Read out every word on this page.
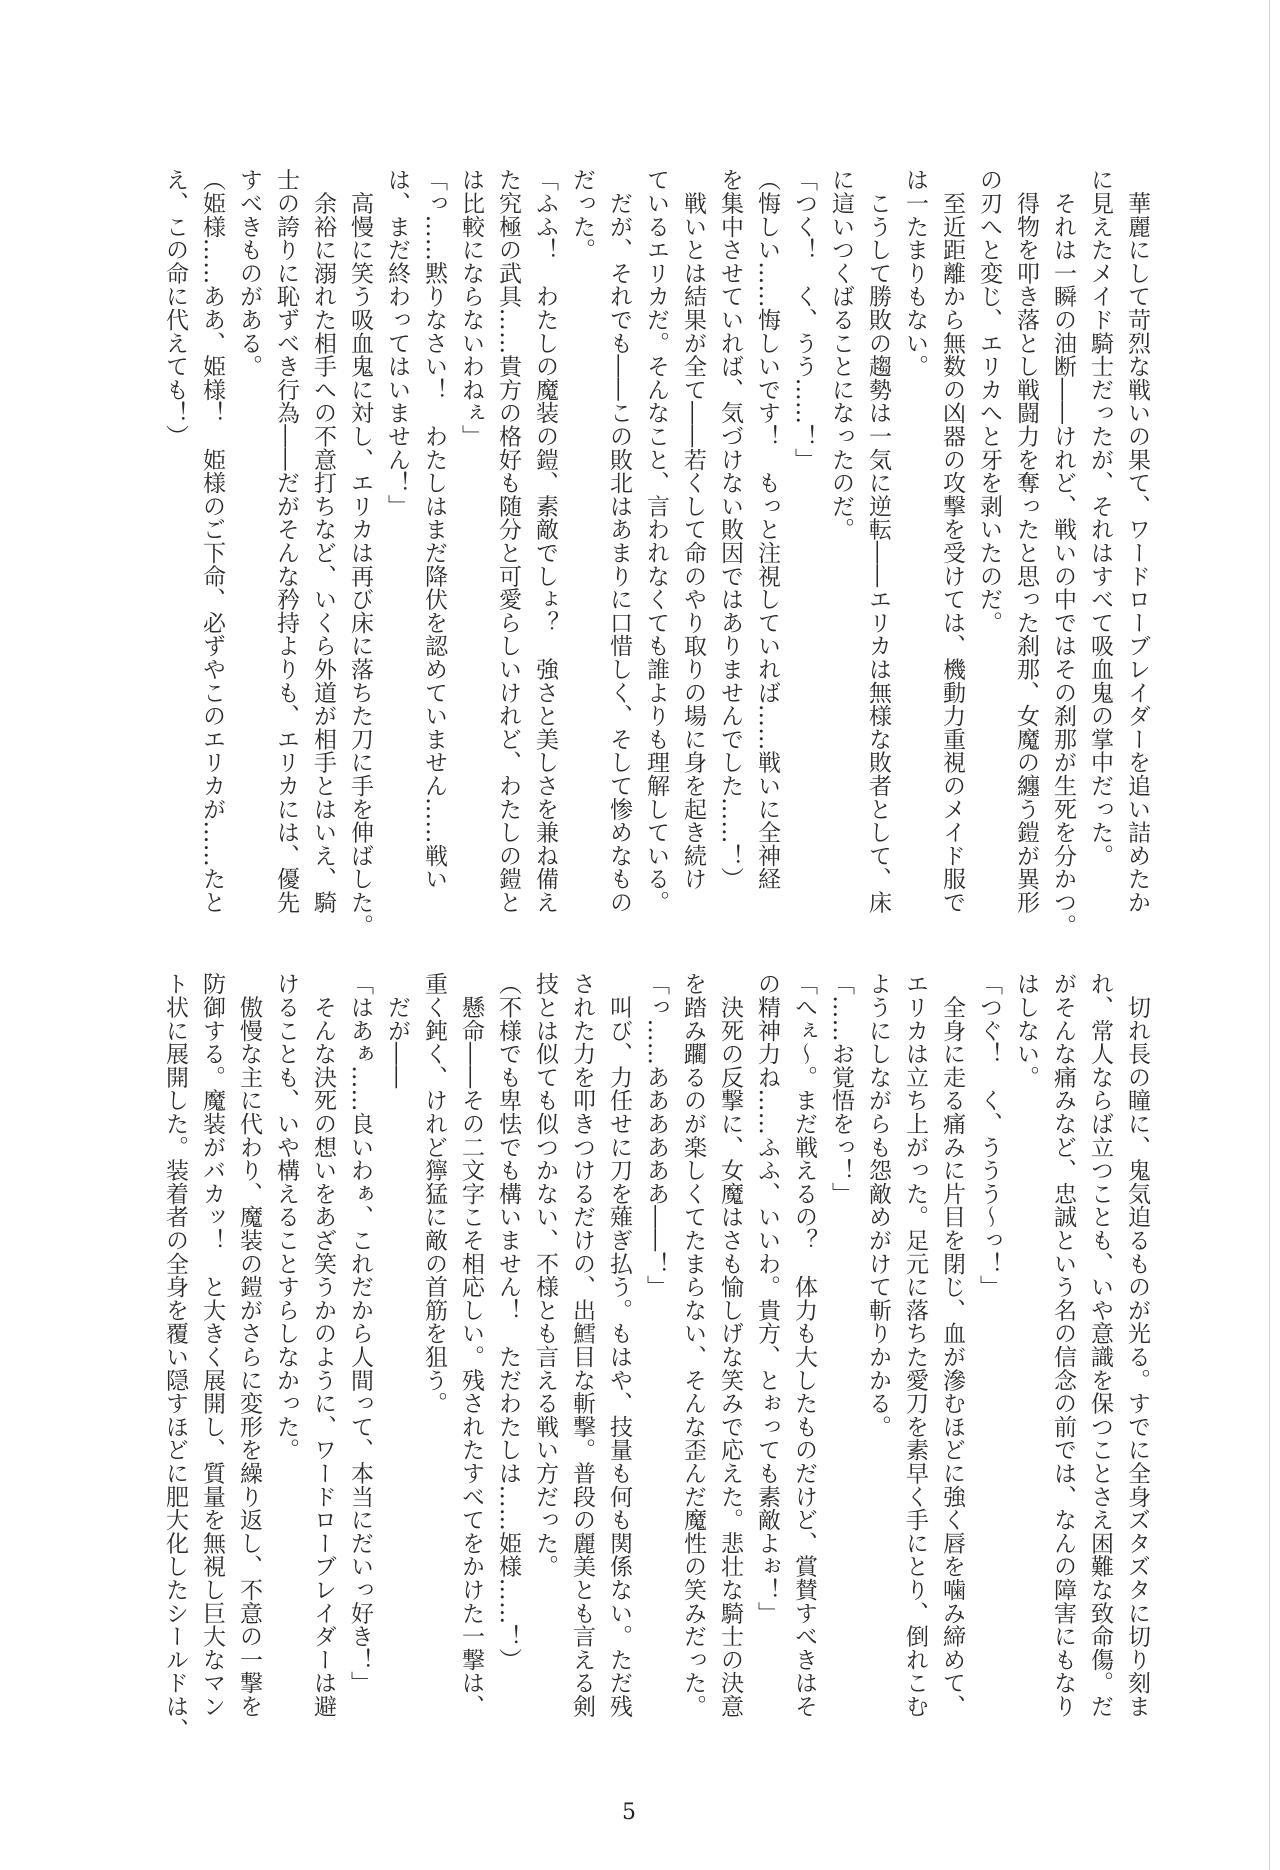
　華麗にして苛烈な戦いの果て、ワードローブレイダーを追い詰めたか
に見えたメイド騎士だったが、それはすべて吸血鬼の掌中だった。
　それは一瞬の油断――けれど、戦いの中ではその刹那が生死を分かつ。
　得物を叩き落とし戦闘力を奪ったと思った刹那、女魔の纏う鎧が異形
の刃へと変じ、エリカへと牙を剥いたのだ。
　至近距離から無数の凶器の攻撃を受けては、機動力重視のメイド服で
は一たまりもない。
　こうして勝敗の趨勢は一気に逆転――エリカは無様な敗者として、床
に這いつくばることになったのだ。
「つく！　く、うう……！」
（悔しい……悔しいです！　もっと注視していれば……戦いに全神経
を集中させていれば、気づけない敗因ではありませんでした……！）
　戦いとは結果が全て――若くして命のやり取りの場に身を起き続け
ているエリカだ。そんなこと、言われなくても誰よりも理解している。
　だが、それでも――この敗北はあまりに口惜しく、そして惨めなもの
だった。
「ふふ！　わたしの魔装の鎧、素敵でしょ？　強さと美しさを兼ね備え
た究極の武具……貴方の格好も随分と可愛らしいけれど、わたしの鎧と
は比較にならないわねぇ」
「っ……黙りなさい！　わたしはまだ降伏を認めていません……戦い
は、まだ終わってはいません！」
　高慢に笑う吸血鬼に対し、エリカは再び床に落ちた刀に手を伸ばした。
　余裕に溺れた相手への不意打ちなど、いくら外道が相手とはいえ、騎
士の誇りに恥ずべき行為――だがそんな矜持よりも、エリカには、優先
すべきものがある。
（姫様……ああ、姫様！　姫様のご下命、必ずやこのエリカが……たと
え、この命に代えても！）
　切れ長の瞳に、鬼気迫るものが光る。すでに全身ズタズタに切り刻ま
れ、常人ならば立つことも、いや意識を保つことさえ困難な致命傷。だ
がそんな痛みなど、忠誠という名の信念の前では、なんの障害にもなり
はしない。
「つぐ！　く、ううう～っ！」
　全身に走る痛みに片目を閉じ、血が滲むほどに強く唇を噛み締めて、
エリカは立ち上がった。足元に落ちた愛刀を素早く手にとり、倒れこむ
ようにしながらも怨敵めがけて斬りかかる。
「……お覚悟をっ！」
「へぇ～。まだ戦えるの？　体力も大したものだけど、賞賛すべきはそ
の精神力ね……ふふ、いいわ。貴方、とぉっても素敵よぉ！」
　決死の反撃に、女魔はさも愉しげな笑みで応えた。悲壮な騎士の決意
を踏み躙るのが楽しくてたまらない、そんな歪んだ魔性の笑みだった。
「っ……ああああああ――！」
　叫び、力任せに刀を薙ぎ払う。もはや、技量も何も関係ない。ただ残
された力を叩きつけるだけの、出鱈目な斬撃。普段の麗美とも言える剣
技とは似ても似つかない、不様とも言える戦い方だった。
（不様でも卑怯でも構いません！　ただわたしは……姫様……！）
　懸命――その二文字こそ相応しい。残されたすべてをかけた一撃は、
重く鈍く、けれど獰猛に敵の首筋を狙う。
　だが――
「はあぁ……良いわぁ、これだから人間って、本当にだいっ好き！」
　そんな決死の想いをあざ笑うかのように、ワードローブレイダーは避
けることも、いや構えることすらしなかった。
　傲慢な主に代わり、魔装の鎧がさらに変形を繰り返し、不意の一撃を
防御する。魔装がバカッ！　と大きく展開し、質量を無視し巨大なマン
ト状に展開した。装着者の全身を覆い隠すほどに肥大化したシールドは、
5
